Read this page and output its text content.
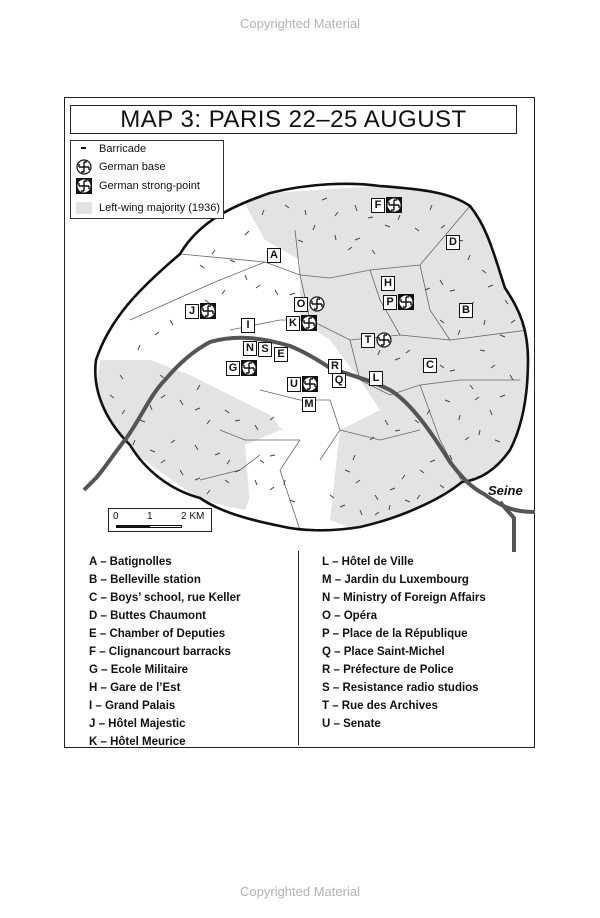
Copyrighted Material
MAP 3: PARIS 22–25 AUGUST
Barricade
German base
German strong-point
Left-wing majority (1936)
A
B
C
D
E
F
G
H
I
J
K
L
M
N
O	P
Q
R
S
T
U
0	1	2 KM
Seine
A – Batignolles
B – Belleville station
C – Boys’ school, rue Keller
D – Buttes Chaumont
E – Chamber of Deputies
F – Clignancourt barracks
G – Ecole Militaire
H – Gare de l’Est
I – Grand Palais
J – Hôtel Majestic
K – Hôtel Meurice
L – Hôtel de Ville
M – Jardin du Luxembourg
N – Ministry of Foreign Affairs
O – Opéra
P – Place de la République
Q – Place Saint-Michel
R – Préfecture de Police
S – Resistance radio studios
T – Rue des Archives
U – Senate
Copyrighted Material
